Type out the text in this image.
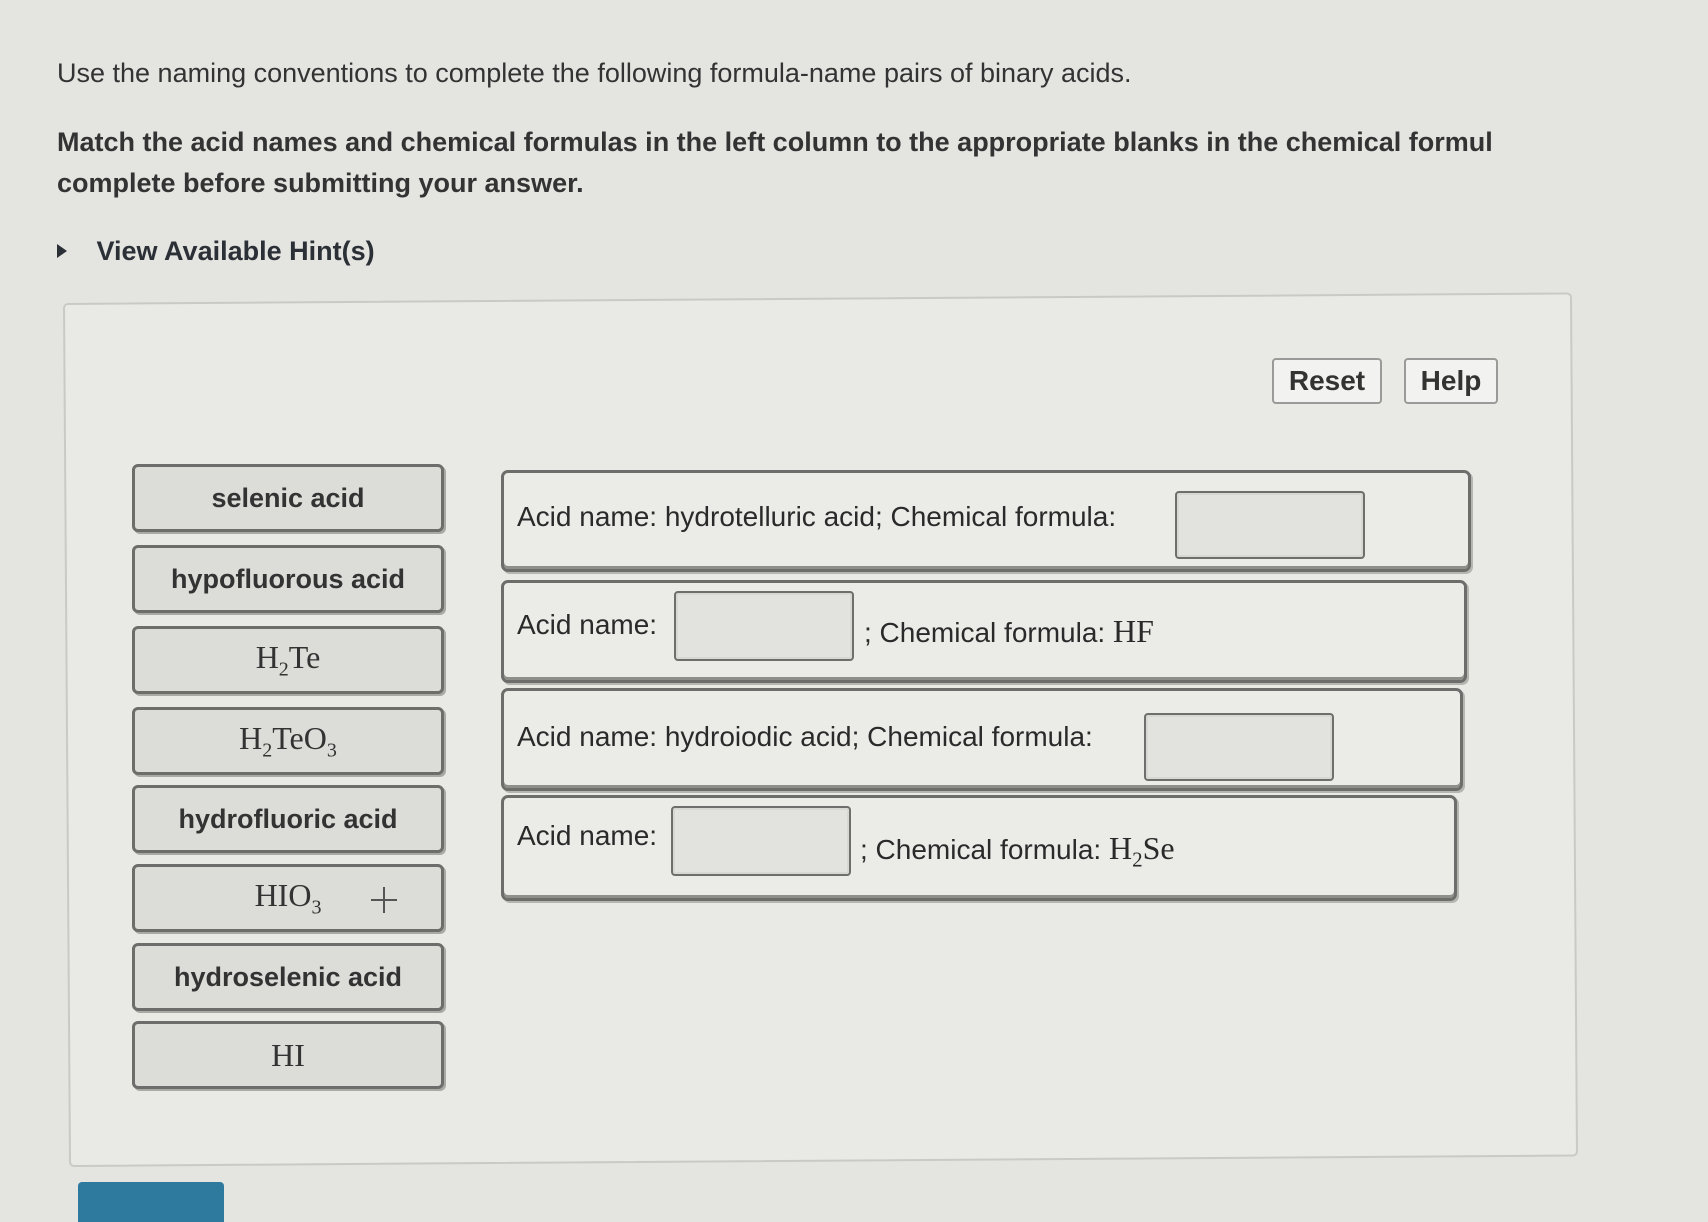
Use the naming conventions to complete the following formula-name pairs of binary acids.
Match the acid names and chemical formulas in the left column to the appropriate blanks in the chemical formul
complete before submitting your answer.
View Available Hint(s)
Reset	Help
selenic acid
hypofluorous acid
$H_2Te$
$H_2TeO_3$
hydrofluoric acid
$HIO_3$
hydroselenic acid
HI
Acid name: hydrotelluric acid; Chemical formula:
Acid name:	; Chemical formula: HF
Acid name: hydroiodic acid; Chemical formula:
Acid name:	; Chemical formula: $H_2Se$
